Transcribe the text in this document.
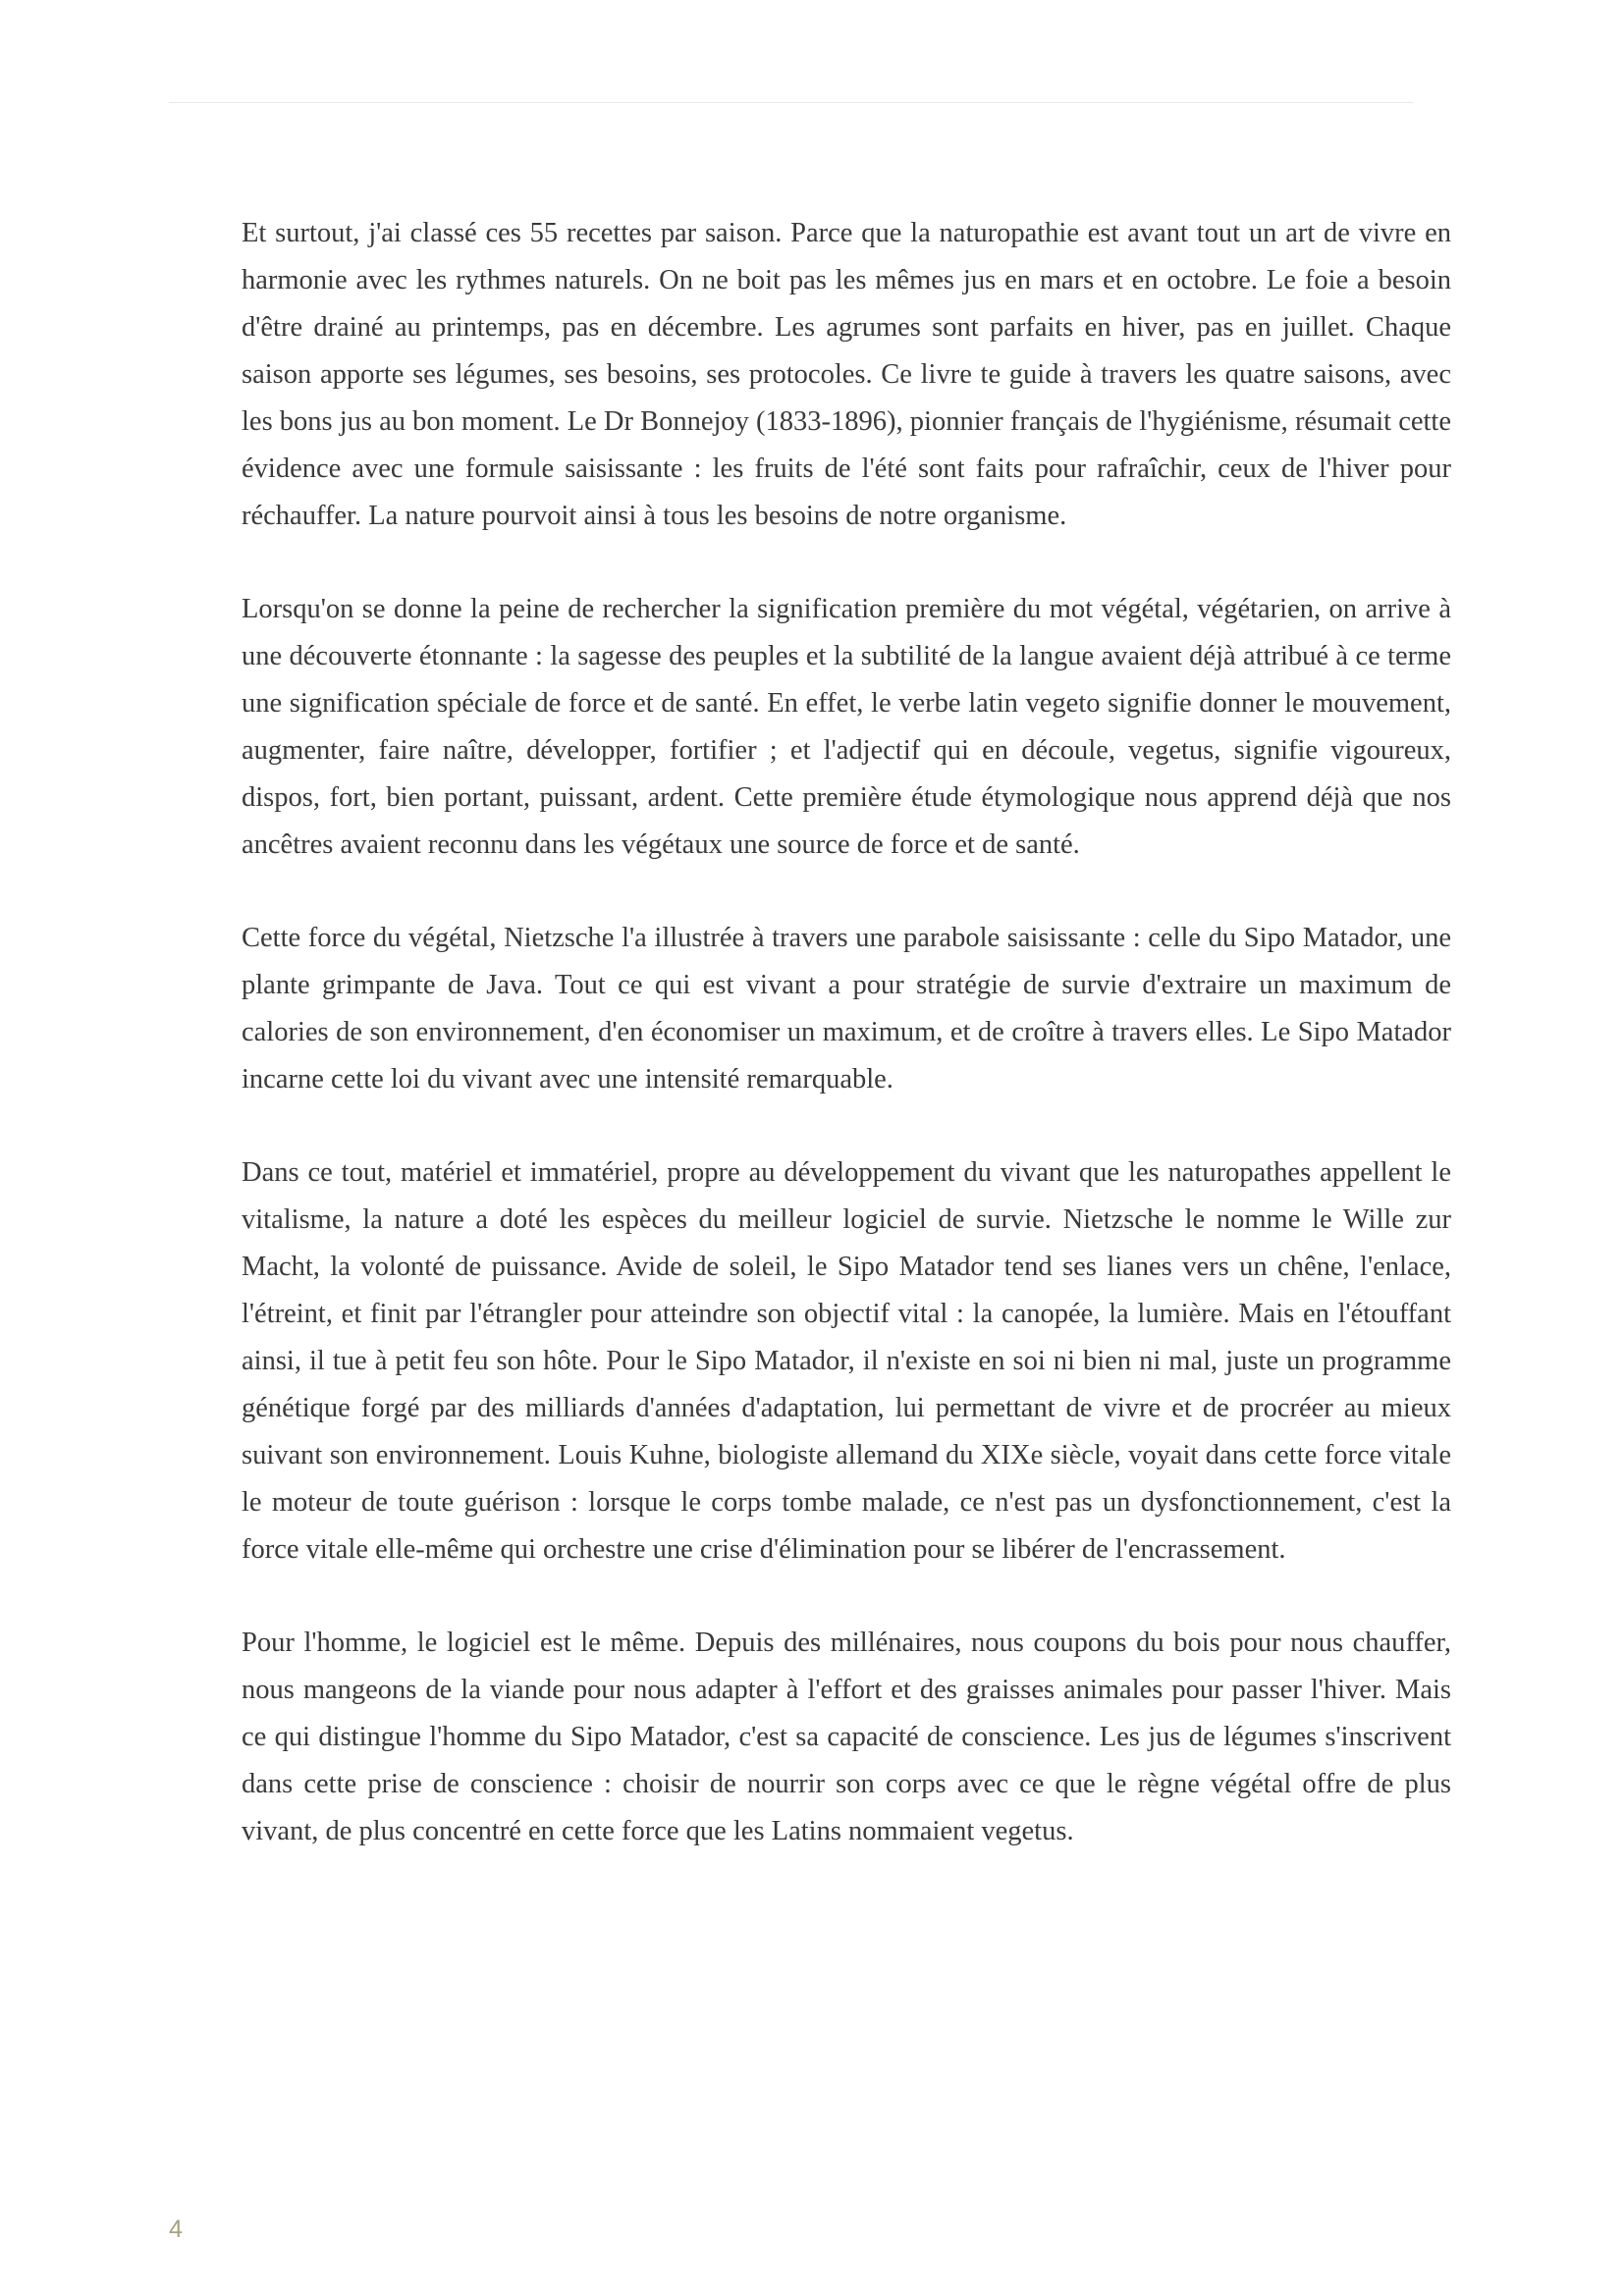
Et surtout, j'ai classé ces 55 recettes par saison. Parce que la naturopathie est avant tout un art de vivre en harmonie avec les rythmes naturels. On ne boit pas les mêmes jus en mars et en octobre. Le foie a besoin d'être drainé au printemps, pas en décembre. Les agrumes sont parfaits en hiver, pas en juillet. Chaque saison apporte ses légumes, ses besoins, ses protocoles. Ce livre te guide à travers les quatre saisons, avec les bons jus au bon moment. Le Dr Bonnejoy (1833-1896), pionnier français de l'hygiénisme, résumait cette évidence avec une formule saisissante : les fruits de l'été sont faits pour rafraîchir, ceux de l'hiver pour réchauffer. La nature pourvoit ainsi à tous les besoins de notre organisme.

Lorsqu'on se donne la peine de rechercher la signification première du mot végétal, végétarien, on arrive à une découverte étonnante : la sagesse des peuples et la subtilité de la langue avaient déjà attribué à ce terme une signification spéciale de force et de santé. En effet, le verbe latin vegeto signifie donner le mouvement, augmenter, faire naître, développer, fortifier ; et l'adjectif qui en découle, vegetus, signifie vigoureux, dispos, fort, bien portant, puissant, ardent. Cette première étude étymologique nous apprend déjà que nos ancêtres avaient reconnu dans les végétaux une source de force et de santé.

Cette force du végétal, Nietzsche l'a illustrée à travers une parabole saisissante : celle du Sipo Matador, une plante grimpante de Java. Tout ce qui est vivant a pour stratégie de survie d'extraire un maximum de calories de son environnement, d'en économiser un maximum, et de croître à travers elles. Le Sipo Matador incarne cette loi du vivant avec une intensité remarquable.

Dans ce tout, matériel et immatériel, propre au développement du vivant que les naturopathes appellent le vitalisme, la nature a doté les espèces du meilleur logiciel de survie. Nietzsche le nomme le Wille zur Macht, la volonté de puissance. Avide de soleil, le Sipo Matador tend ses lianes vers un chêne, l'enlace, l'étreint, et finit par l'étrangler pour atteindre son objectif vital : la canopée, la lumière. Mais en l'étouffant ainsi, il tue à petit feu son hôte. Pour le Sipo Matador, il n'existe en soi ni bien ni mal, juste un programme génétique forgé par des milliards d'années d'adaptation, lui permettant de vivre et de procréer au mieux suivant son environnement. Louis Kuhne, biologiste allemand du XIXe siècle, voyait dans cette force vitale le moteur de toute guérison : lorsque le corps tombe malade, ce n'est pas un dysfonctionnement, c'est la force vitale elle-même qui orchestre une crise d'élimination pour se libérer de l'encrassement.

Pour l'homme, le logiciel est le même. Depuis des millénaires, nous coupons du bois pour nous chauffer, nous mangeons de la viande pour nous adapter à l'effort et des graisses animales pour passer l'hiver. Mais ce qui distingue l'homme du Sipo Matador, c'est sa capacité de conscience. Les jus de légumes s'inscrivent dans cette prise de conscience : choisir de nourrir son corps avec ce que le règne végétal offre de plus vivant, de plus concentré en cette force que les Latins nommaient vegetus.

4
